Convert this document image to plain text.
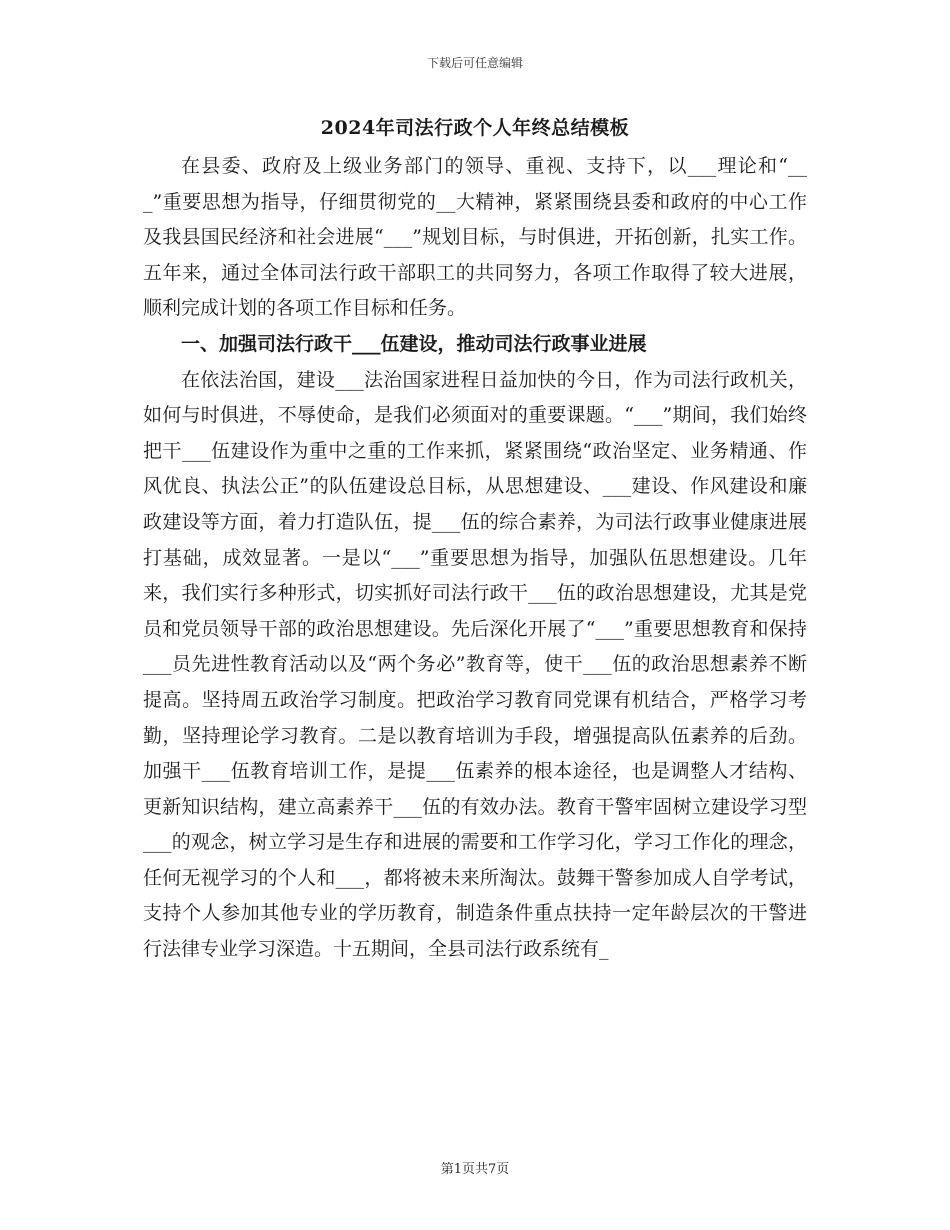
下载后可任意编辑
2024年司法行政个人年终总结模板

在县委、政府及上级业务部门的领导、重视、支持下，以___理论和“___”重要思想为指导，仔细贯彻党的__大精神，紧紧围绕县委和政府的中心工作及我县国民经济和社会进展“___”规划目标，与时俱进，开拓创新，扎实工作。五年来，通过全体司法行政干部职工的共同努力，各项工作取得了较大进展，顺利完成计划的各项工作目标和任务。

一、加强司法行政干___伍建设，推动司法行政事业进展

在依法治国，建设___法治国家进程日益加快的今日，作为司法行政机关，如何与时俱进，不辱使命，是我们必须面对的重要课题。“___”期间，我们始终把干___伍建设作为重中之重的工作来抓，紧紧围绕“政治坚定、业务精通、作风优良、执法公正”的队伍建设总目标，从思想建设、___建设、作风建设和廉政建设等方面，着力打造队伍，提___伍的综合素养，为司法行政事业健康进展打基础，成效显著。一是以“___”重要思想为指导，加强队伍思想建设。几年来，我们实行多种形式，切实抓好司法行政干___伍的政治思想建设，尤其是党员和党员领导干部的政治思想建设。先后深化开展了“___”重要思想教育和保持___员先进性教育活动以及“两个务必”教育等，使干___伍的政治思想素养不断提高。坚持周五政治学习制度。把政治学习教育同党课有机结合，严格学习考勤，坚持理论学习教育。二是以教育培训为手段，增强提高队伍素养的后劲。加强干___伍教育培训工作，是提___伍素养的根本途径，也是调整人才结构、更新知识结构，建立高素养干___伍的有效办法。教育干警牢固树立建设学习型___的观念，树立学习是生存和进展的需要和工作学习化，学习工作化的理念，任何无视学习的个人和___，都将被未来所淘汰。鼓舞干警参加成人自学考试，支持个人参加其他专业的学历教育，制造条件重点扶持一定年龄层次的干警进行法律专业学习深造。十五期间，全县司法行政系统有_

第1页共7页
